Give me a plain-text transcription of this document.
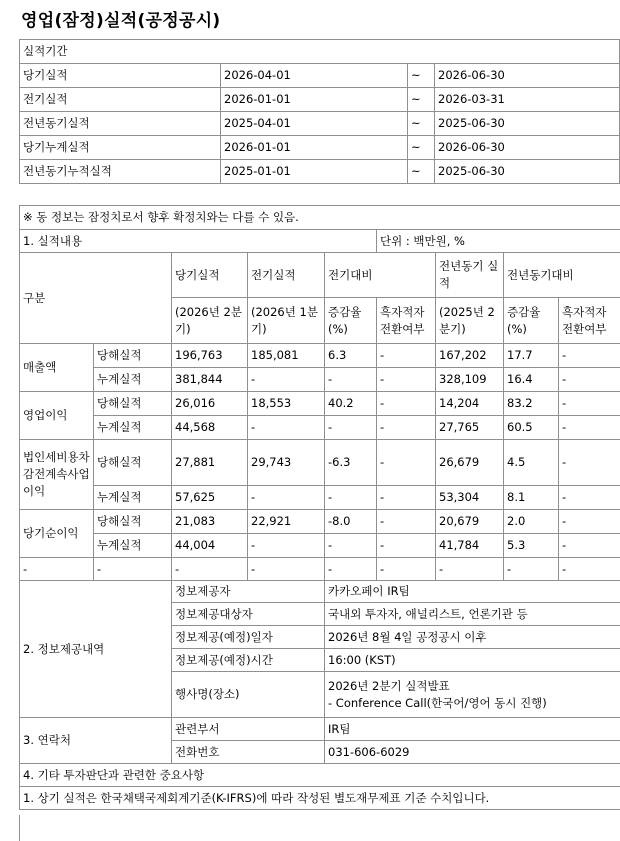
영업(잠정)실적(공정공시)
실적기간			
당기실적	2026-04-01	~	2026-06-30
전기실적	2026-01-01	~	2026-03-31
전년동기실적	2025-04-01	~	2025-06-30
당기누계실적	2026-01-01	~	2026-06-30
전년동기누적실적	2025-01-01	~	2025-06-30
※ 동 정보는 잠정치로서 향후 확정치와는 다를 수 있음.								
1. 실적내용					단위 : 백만원, %			
구분		당기실적	전기실적	전기대비		전년동기 실적	전년동기대비	
		(2026년 2분기)	(2026년 1분기)	증감율 (%)	흑자적자 전환여부	(2025년 2분기)	증감율 (%)	흑자적자 전환여부
매출액	당해실적	196,763	185,081	6.3	-	167,202	17.7	-
	누계실적	381,844	-	-	-	328,109	16.4	-
영업이익	당해실적	26,016	18,553	40.2	-	14,204	83.2	-
	누계실적	44,568	-	-	-	27,765	60.5	-
법인세비용차감전계속사업이익	당해실적	27,881	29,743	-6.3	-	26,679	4.5	-
	누계실적	57,625	-	-	-	53,304	8.1	-
당기순이익	당해실적	21,083	22,921	-8.0	-	20,679	2.0	-
	누계실적	44,004	-	-	-	41,784	5.3	-
-	-	-	-	-	-	-	-	-
2. 정보제공내역		정보제공자		카카오페이 IR팀				

		정보제공대상자		국내외 투자자, 애널리스트, 언론기관 등				

		정보제공(예정)일자		2026년 8월 4일 공정공시 이후				

		정보제공(예정)시간		16:00 (KST)				

		행사명(장소)		2026년 2분기 실적발표
- Conference Call(한국어/영어 동시 진행)				

3. 연락처		관련부서		IR팀				
		전화번호		031-606-6029				
4. 기타 투자판단과 관련한 중요사항								
1. 상기 실적은 한국채택국제회계기준(K-IFRS)에 따라 작성된 별도재무제표 기준 수치입니다.								
